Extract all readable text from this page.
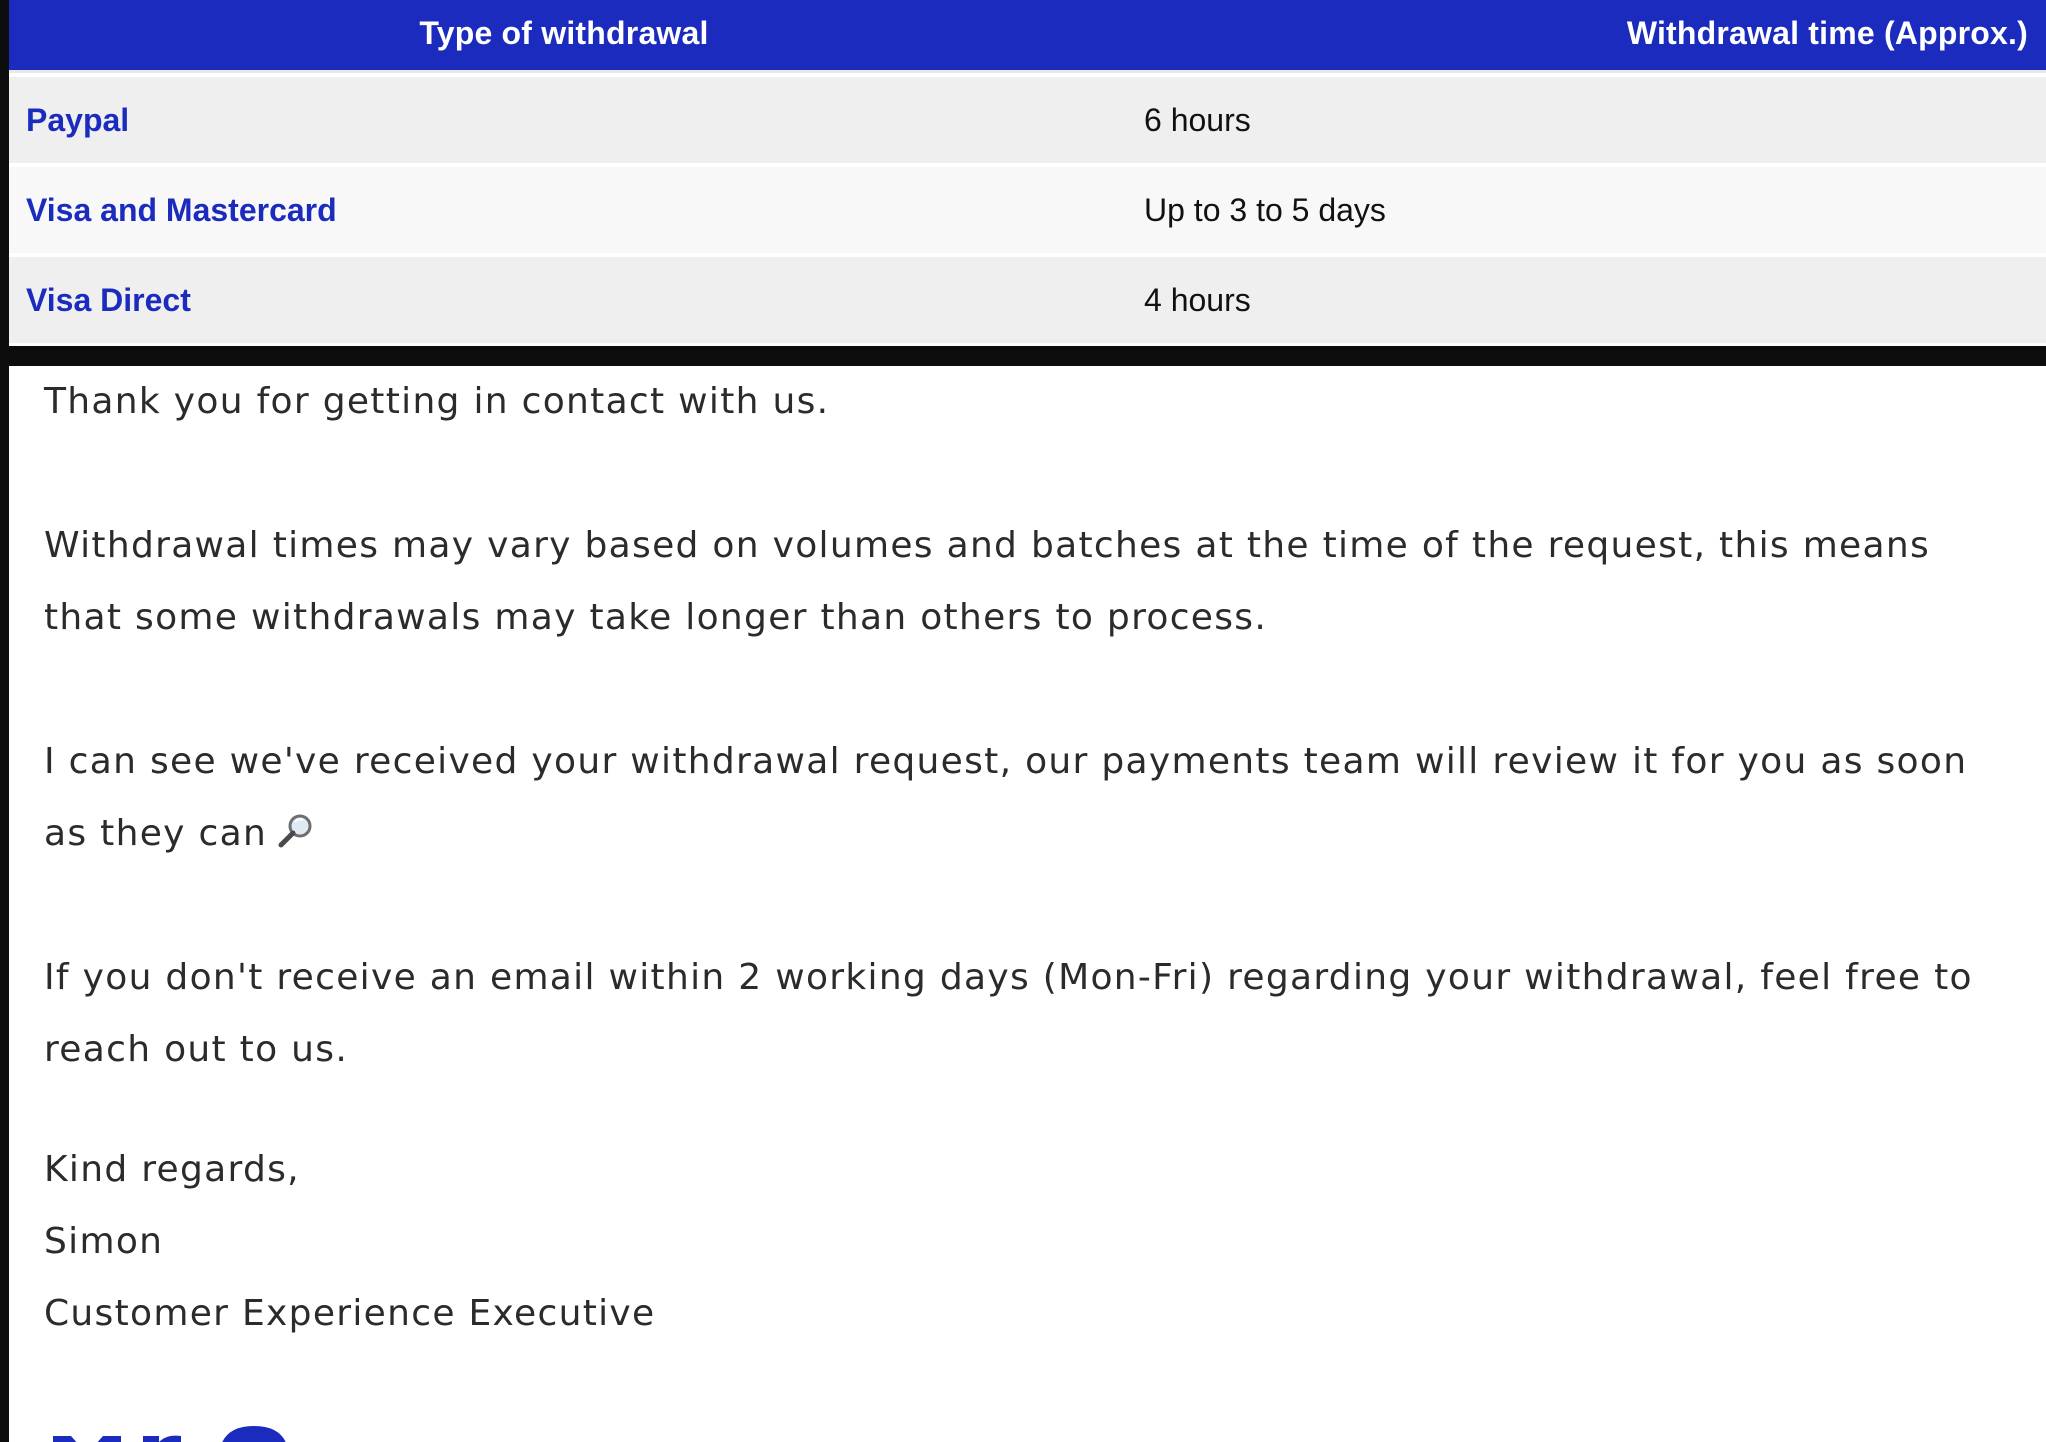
Type of withdrawal	Withdrawal time (Approx.)
Paypal	6 hours
Visa and Mastercard	Up to 3 to 5 days
Visa Direct	4 hours

Thank you for getting in contact with us.

Withdrawal times may vary based on volumes and batches at the time of the request, this means that some withdrawals may take longer than others to process.

I can see we've received your withdrawal request, our payments team will review it for you as soon as they can

If you don't receive an email within 2 working days (Mon-Fri) regarding your withdrawal, feel free to reach out to us.

Kind regards,

Simon

Customer Experience Executive
